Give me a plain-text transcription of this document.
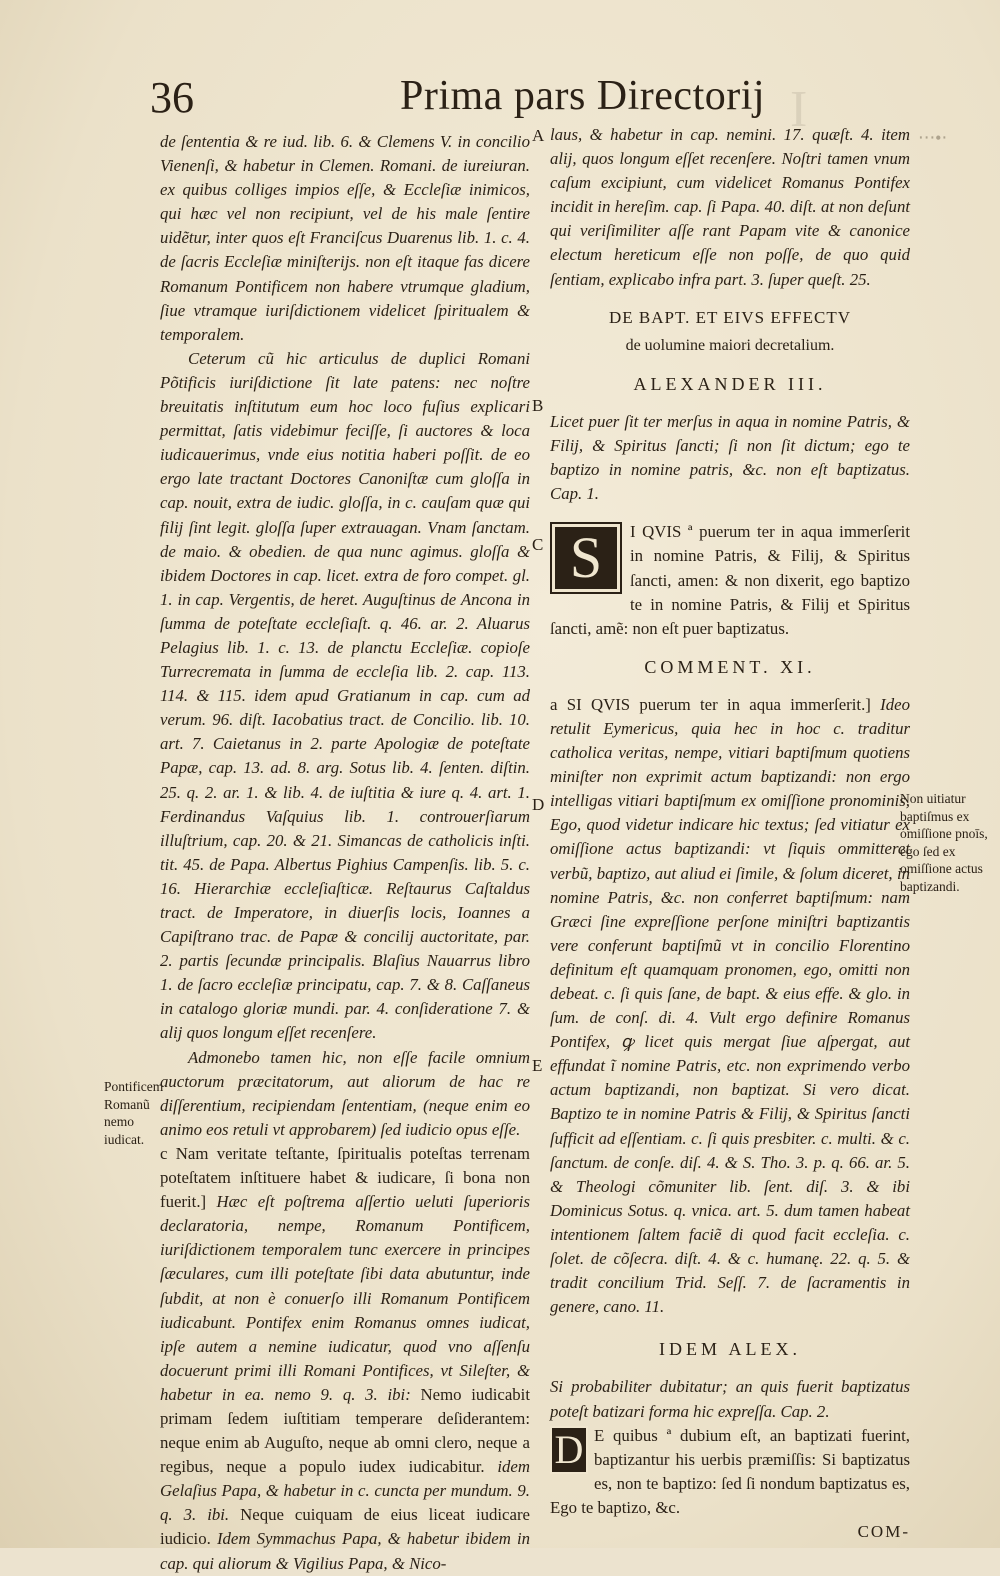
I	‧‧‧•‧
36	Prima pars Directorij

de ſententia & re iud. lib. 6. & Clemens V. in concilio Vienenſi, & habetur in Clemen. Romani. de iureiuran. ex quibus colliges impios eſſe, & Eccleſiæ inimicos, qui hæc vel non recipiunt, vel de his male ſentire uidẽtur, inter quos eſt Franciſcus Duarenus lib. 1. c. 4. de ſacris Eccleſiæ miniſterijs. non eſt itaque fas dicere Romanum Pontificem non habere vtrumque gladium, ſiue vtramque iuriſdictionem videlicet ſpiritualem & temporalem.

Ceterum cũ hic articulus de duplici Romani Põtificis iuriſdictione ſit late patens: nec noſtre breuitatis inſtitutum eum hoc loco fuſius explicari permittat, ſatis videbimur feciſſe, ſi auctores & loca iudicauerimus, vnde eius notitia haberi poſſit. de eo ergo late tractant Doctores Canoniſtæ cum gloſſa in cap. nouit, extra de iudic. gloſſa, in c. cauſam quæ qui filij ſint legit. gloſſa ſuper extrauagan. Vnam ſanctam. de maio. & obedien. de qua nunc agimus. gloſſa & ibidem Doctores in cap. licet. extra de foro compet. gl. 1. in cap. Vergentis, de heret. Auguſtinus de Ancona in ſumma de poteſtate eccleſiaſt. q. 46. ar. 2. Aluarus Pelagius lib. 1. c. 13. de planctu Eccleſiæ. copioſe Turrecremata in ſumma de eccleſia lib. 2. cap. 113. 114. & 115. idem apud Gratianum in cap. cum ad verum. 96. diſt. Iacobatius tract. de Concilio. lib. 10. art. 7. Caietanus in 2. parte Apologiæ de poteſtate Papæ, cap. 13. ad. 8. arg. Sotus lib. 4. ſenten. diſtin. 25. q. 2. ar. 1. & lib. 4. de iuſtitia & iure q. 4. art. 1. Ferdinandus Vaſquius lib. 1. controuerſiarum illuſtrium, cap. 20. & 21. Simancas de catholicis inſti. tit. 45. de Papa. Albertus Pighius Campenſis. lib. 5. c. 16. Hierarchiæ eccleſiaſticæ. Reſtaurus Caſtaldus tract. de Imperatore, in diuerſis locis, Ioannes a Capiſtrano trac. de Papæ & concilij auctoritate, par. 2. partis ſecundæ principalis. Blaſius Nauarrus libro 1. de ſacro eccleſiæ principatu, cap. 7. & 8. Caſſaneus in catalogo gloriæ mundi. par. 4. conſideratione 7. & alij quos longum eſſet recenſere.

Admonebo tamen hic, non eſſe facile omnium auctorum præcitatorum, aut aliorum de hac re diſſerentium, recipiendam ſententiam, (neque enim eo animo eos retuli vt approbarem) ſed iudicio opus eſſe.

c Nam veritate teſtante, ſpiritualis poteſtas terrenam poteſtatem inſtituere habet & iudicare, ſi bona non fuerit.] Hæc eſt poſtrema aſſertio ueluti ſuperioris declaratoria, nempe, Romanum Pontificem, iuriſdictionem temporalem tunc exercere in principes ſæculares, cum illi poteſtate ſibi data abutuntur, inde ſubdit, at non è conuerſo illi Romanum Pontificem iudicabunt. Pontifex enim Romanus omnes iudicat, ipſe autem a nemine iudicatur, quod vno aſſenſu docuerunt primi illi Romani Pontifices, vt Sileſter, & habetur in ea. nemo 9. q. 3. ibi: Nemo iudicabit primam ſedem iuſtitiam temperare deſiderantem: neque enim ab Auguſto, neque ab omni clero, neque a regibus, neque a populo iudex iudicabitur. idem Gelaſius Papa, & habetur in c. cuncta per mundum. 9. q. 3. ibi. Neque cuiquam de eius liceat iudicare iudicio. Idem Symmachus Papa, & habetur ibidem in cap. qui aliorum & Vigilius Papa, & Nico-

Pontificem Romanũ nemo iudicat.
A
B
C
D
E

laus, & habetur in cap. nemini. 17. quæſt. 4. item alij, quos longum eſſet recenſere. Noſtri tamen vnum caſum excipiunt, cum videlicet Romanus Pontifex incidit in hereſim. cap. ſi Papa. 40. diſt. at non deſunt qui veriſimiliter aſſe rant Papam vite & canonice electum hereticum eſſe non poſſe, de quo quid ſentiam, explicabo infra part. 3. ſuper queſt. 25.

DE BAPT. ET EIVS EFFECTV
de uolumine maiori decretalium.
ALEXANDER III.

Licet puer ſit ter merſus in aqua in nomine Patris, & Filij, & Spiritus ſancti; ſi non ſit dictum; ego te baptizo in nomine patris, &c. non eſt baptizatus. Cap. 1.

S	I QVIS ª puerum ter in aqua immerſerit in nomine Patris, & Filij, & Spiritus ſancti, amen: & non dixerit, ego baptizo te in nomine Patris, & Filij et Spiritus ſancti, amẽ: non eſt puer baptizatus.

COMMENT. XI.

a SI QVIS puerum ter in aqua immerſerit.] Ideo retulit Eymericus, quia hec in hoc c. traditur catholica veritas, nempe, vitiari baptiſmum quotiens miniſter non exprimit actum baptizandi: non ergo intelligas vitiari baptiſmum ex omiſſione pronominis, Ego, quod videtur indicare hic textus; ſed vitiatur ex omiſſione actus baptizandi: vt ſiquis ommitteret verbũ, baptizo, aut aliud ei ſimile, & ſolum diceret, in nomine Patris, &c. non conferret baptiſmum: nam Græci ſine expreſſione perſone miniſtri baptizantis vere conferunt baptiſmũ vt in concilio Florentino definitum eſt quamquam pronomen, ego, omitti non debeat. c. ſi quis ſane, de bapt. & eius effe. & glo. in ſum. de conſ. di. 4. Vult ergo definire Romanus Pontifex, ꝙ licet quis mergat ſiue aſpergat, aut effundat ĩ nomine Patris, etc. non exprimendo verbo actum baptizandi, non baptizat. Si vero dicat. Baptizo te in nomine Patris & Filij, & Spiritus ſancti ſufficit ad eſſentiam. c. ſi quis presbiter. c. multi. & c. ſanctum. de conſe. diſ. 4. & S. Tho. 3. p. q. 66. ar. 5. & Theologi cõmuniter lib. ſent. diſ. 3. & ibi Dominicus Sotus. q. vnica. art. 5. dum tamen habeat intentionem ſaltem faciẽ di quod facit eccleſia. c. ſolet. de cõſecra. diſt. 4. & c. humanę. 22. q. 5. & tradit concilium Trid. Seſſ. 7. de ſacramentis in genere, cano. 11.

IDEM ALEX.

Si probabiliter dubitatur; an quis fuerit baptizatus poteſt batizari forma hic expreſſa. Cap. 2.

D E quibus ª dubium eſt, an baptizati fuerint, baptizantur his uerbis præmiſſis: Si baptizatus es, non te baptizo: ſed ſi nondum baptizatus es, Ego te baptizo, &c.

COM-
Non uitiatur baptiſmus ex omiſſione pnoīs, ego ſed ex omiſſione actus baptizandi.
